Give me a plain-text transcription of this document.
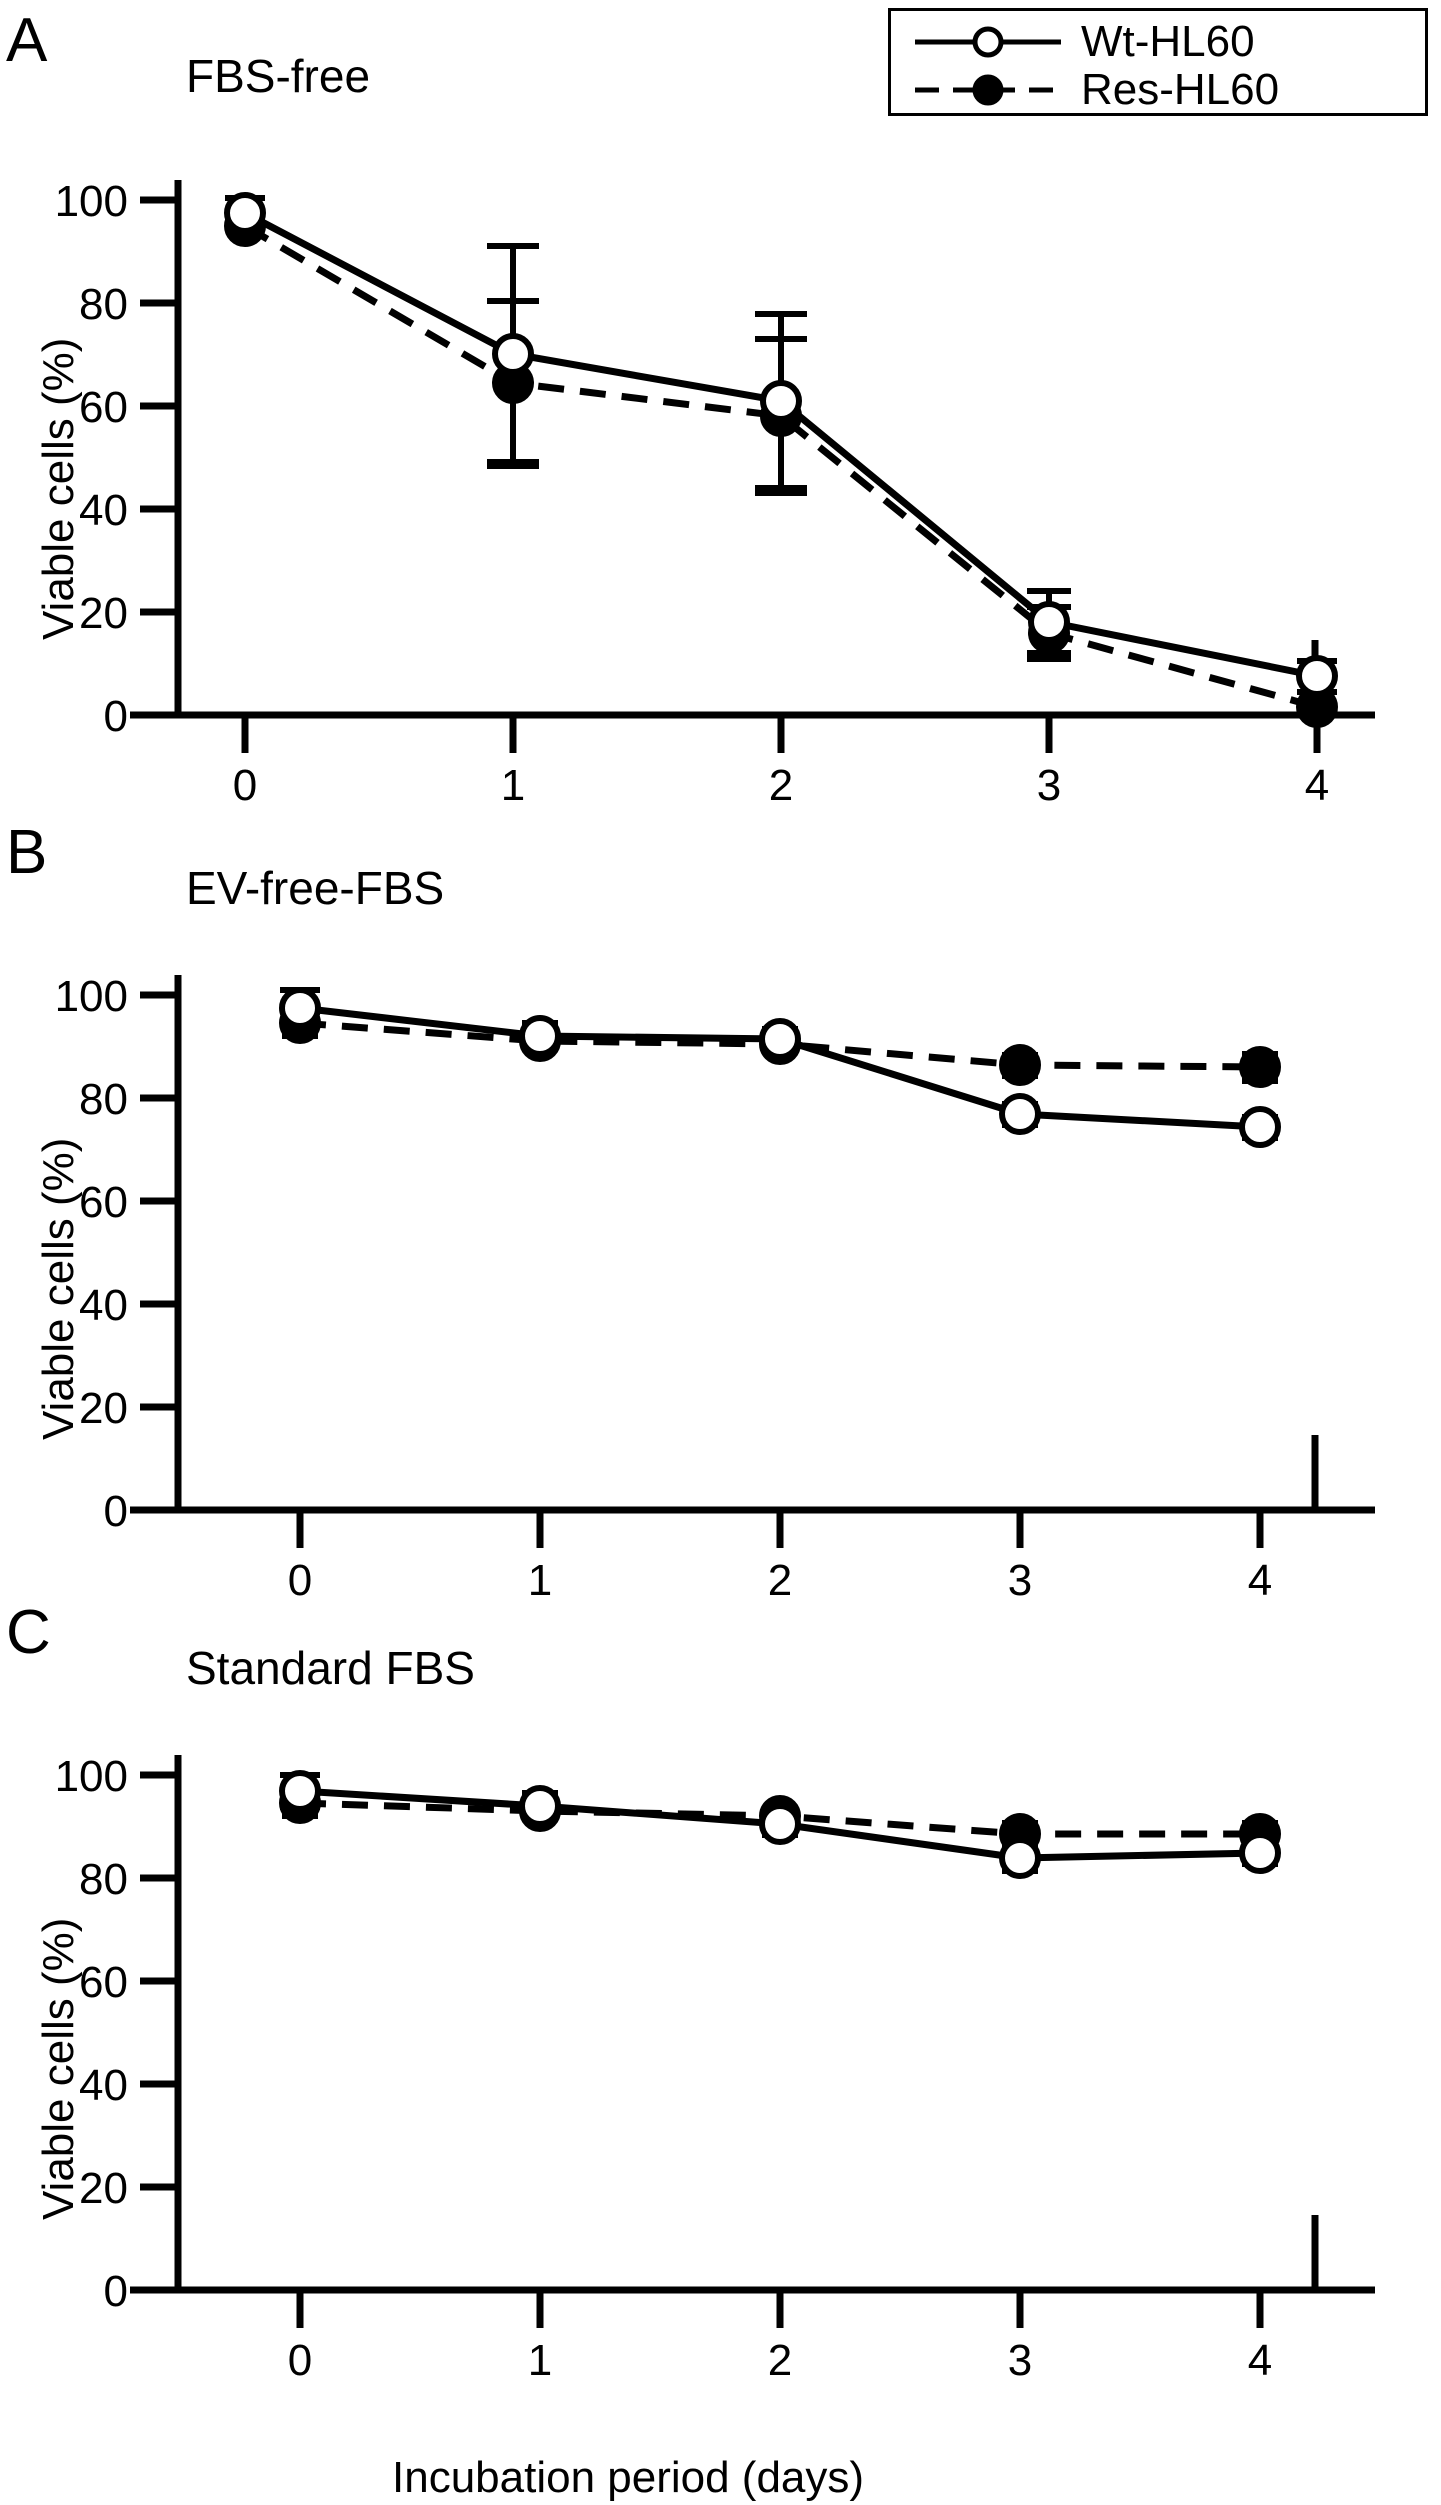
Wt-HL60
Res-HL60
A
FBS-free
Viable cells (%)
0
20
40
60
80
100
0	1	2	3	4
B
EV-free-FBS
Viable cells (%)
0
20
40
60
80
100
0	1	2	3	4
C
Standard FBS
Viable cells (%)
Incubation period (days)
0
20
40
60
80
100
0	1	2	3	4
